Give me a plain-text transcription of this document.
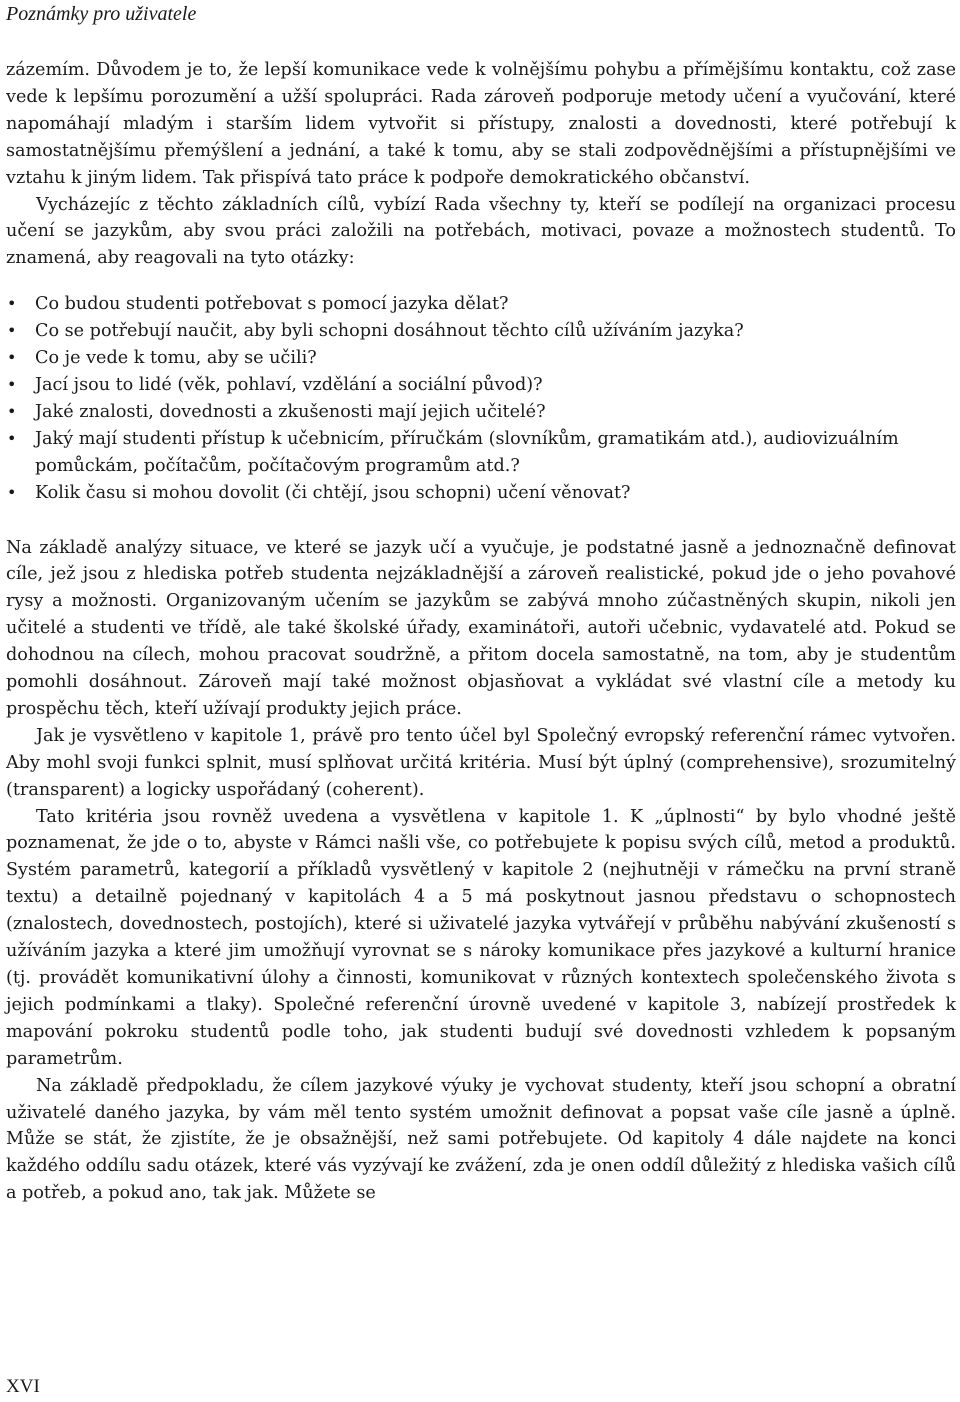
Poznámky pro uživatele

zázemím. Důvodem je to, že lepší komunikace vede k volnějšímu pohybu a přímějšímu kontaktu, což zase vede k lepšímu porozumění a užší spolupráci. Rada zároveň podporuje metody učení a vyučování, které napomáhají mladým i starším lidem vytvořit si přístupy, znalosti a dovednosti, které potřebují k samostatnějšímu přemýšlení a jednání, a také k tomu, aby se stali zodpovědnějšími a přístupnějšími ve vztahu k jiným lidem. Tak přispívá tato práce k podpoře demokratického občanství.

Vycházejíc z těchto základních cílů, vybízí Rada všechny ty, kteří se podílejí na organizaci procesu učení se jazykům, aby svou práci založili na potřebách, motivaci, povaze a možnostech studentů. To znamená, aby reagovali na tyto otázky:

• Co budou studenti potřebovat s pomocí jazyka dělat?
• Co se potřebují naučit, aby byli schopni dosáhnout těchto cílů užíváním jazyka?
• Co je vede k tomu, aby se učili?
• Jací jsou to lidé (věk, pohlaví, vzdělání a sociální původ)?
• Jaké znalosti, dovednosti a zkušenosti mají jejich učitelé?
• Jaký mají studenti přístup k učebnicím, příručkám (slovníkům, gramatikám atd.), audiovizuálním pomůckám, počítačům, počítačovým programům atd.?
• Kolik času si mohou dovolit (či chtějí, jsou schopni) učení věnovat?

Na základě analýzy situace, ve které se jazyk učí a vyučuje, je podstatné jasně a jednoznačně definovat cíle, jež jsou z hlediska potřeb studenta nejzákladnější a zároveň realistické, pokud jde o jeho povahové rysy a možnosti. Organizovaným učením se jazykům se zabývá mnoho zúčastněných skupin, nikoli jen učitelé a studenti ve třídě, ale také školské úřady, examinátoři, autoři učebnic, vydavatelé atd. Pokud se dohodnou na cílech, mohou pracovat soudržně, a přitom docela samostatně, na tom, aby je studentům pomohli dosáhnout. Zároveň mají také možnost objasňovat a vykládat své vlastní cíle a metody ku prospěchu těch, kteří užívají produkty jejich práce.

Jak je vysvětleno v kapitole 1, právě pro tento účel byl Společný evropský referenční rámec vytvořen. Aby mohl svoji funkci splnit, musí splňovat určitá kritéria. Musí být úplný (comprehensive), srozumitelný (transparent) a logicky uspořádaný (coherent).

Tato kritéria jsou rovněž uvedena a vysvětlena v kapitole 1. K „úplnosti“ by bylo vhodné ještě poznamenat, že jde o to, abyste v Rámci našli vše, co potřebujete k popisu svých cílů, metod a produktů. Systém parametrů, kategorií a příkladů vysvětlený v kapitole 2 (nejhutněji v rámečku na první straně textu) a detailně pojednaný v kapitolách 4 a 5 má poskytnout jasnou představu o schopnostech (znalostech, dovednostech, postojích), které si uživatelé jazyka vytvářejí v průběhu nabývání zkušeností s užíváním jazyka a které jim umožňují vyrovnat se s nároky komunikace přes jazykové a kulturní hranice (tj. provádět komunikativní úlohy a činnosti, komunikovat v různých kontextech společenského života s jejich podmínkami a tlaky). Společné referenční úrovně uvedené v kapitole 3, nabízejí prostředek k mapování pokroku studentů podle toho, jak studenti budují své dovednosti vzhledem k popsaným parametrům.

Na základě předpokladu, že cílem jazykové výuky je vychovat studenty, kteří jsou schopní a obratní uživatelé daného jazyka, by vám měl tento systém umožnit definovat a popsat vaše cíle jasně a úplně. Může se stát, že zjistíte, že je obsažnější, než sami potřebujete. Od kapitoly 4 dále najdete na konci každého oddílu sadu otázek, které vás vyzývají ke zvážení, zda je onen oddíl důležitý z hlediska vašich cílů a potřeb, a pokud ano, tak jak. Můžete se

XVI
